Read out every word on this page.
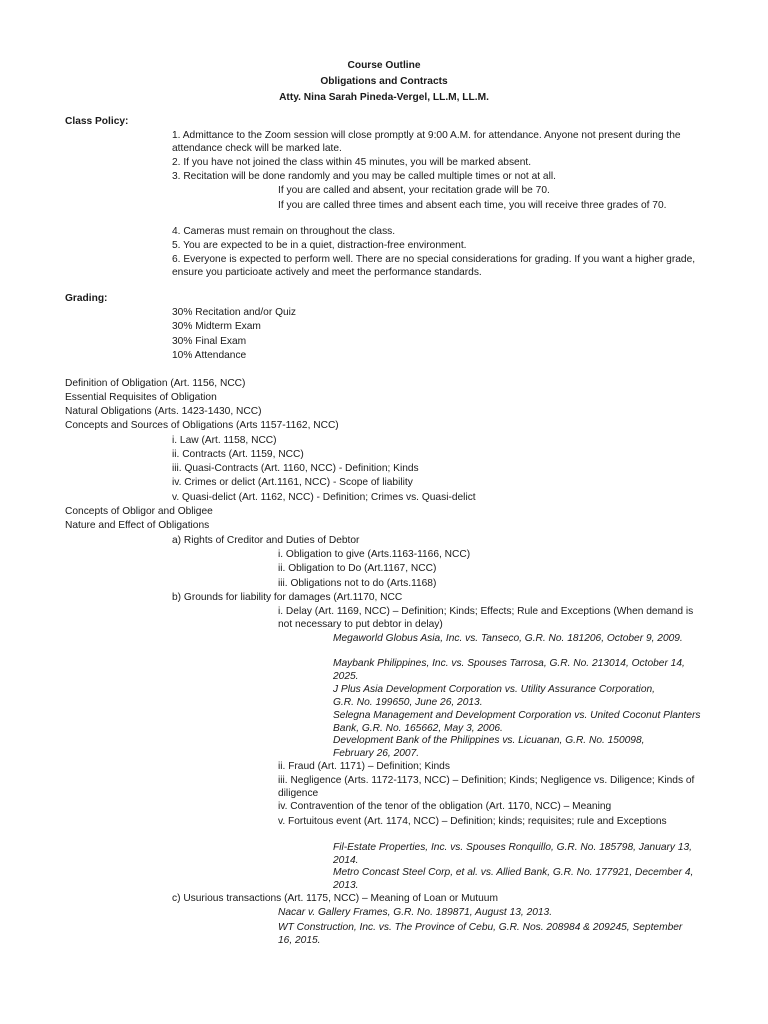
Course Outline
Obligations and Contracts
Atty. Nina Sarah Pineda-Vergel, LL.M, LL.M.
Class Policy:
1. Admittance to the Zoom session will close promptly at 9:00 A.M. for attendance. Anyone not present during the attendance check will be marked late.
2. If you have not joined the class within 45 minutes, you will be marked absent.
3. Recitation will be done randomly and you may be called multiple times or not at all.
If you are called and absent, your recitation grade will be 70.
If you are called three times and absent each time, you will receive three grades of 70.
4. Cameras must remain on throughout the class.
5. You are expected to be in a quiet, distraction-free environment.
6. Everyone is expected to perform well. There are no special considerations for grading. If you want a higher grade, ensure you particioate actively and meet the performance standards.
Grading:
30% Recitation and/or Quiz
30% Midterm Exam
30% Final Exam
10% Attendance
Definition of Obligation (Art. 1156, NCC)
Essential Requisites of Obligation
Natural Obligations (Arts. 1423-1430, NCC)
Concepts and Sources of Obligations (Arts 1157-1162, NCC)
i. Law (Art. 1158, NCC)
ii. Contracts (Art. 1159, NCC)
iii. Quasi-Contracts (Art. 1160, NCC) - Definition; Kinds
iv. Crimes or delict (Art.1161, NCC) - Scope of liability
v. Quasi-delict (Art. 1162, NCC) - Definition; Crimes vs. Quasi-delict
Concepts of Obligor and Obligee
Nature and Effect of Obligations
a) Rights of Creditor and Duties of Debtor
i. Obligation to give (Arts.1163-1166, NCC)
ii. Obligation to Do (Art.1167, NCC)
iii. Obligations not to do (Arts.1168)
b) Grounds for liability for damages (Art.1170, NCC
i. Delay (Art. 1169, NCC) – Definition; Kinds; Effects; Rule and Exceptions (When demand is not necessary to put debtor in delay)
Megaworld Globus Asia, Inc. vs. Tanseco, G.R. No. 181206, October 9, 2009.
Maybank Philippines, Inc. vs. Spouses Tarrosa, G.R. No. 213014, October 14, 2025.
J Plus Asia Development Corporation vs. Utility Assurance Corporation, G.R. No. 199650, June 26, 2013.
Selegna Management and Development Corporation vs. United Coconut Planters Bank, G.R. No. 165662, May 3, 2006.
Development Bank of the Philippines vs. Licuanan, G.R. No. 150098, February 26, 2007.
ii. Fraud (Art. 1171) – Definition; Kinds
iii. Negligence (Arts. 1172-1173, NCC) – Definition; Kinds; Negligence vs. Diligence; Kinds of diligence
iv. Contravention of the tenor of the obligation (Art. 1170, NCC) – Meaning
v. Fortuitous event (Art. 1174, NCC) – Definition; kinds; requisites; rule and Exceptions
Fil-Estate Properties, Inc. vs. Spouses Ronquillo, G.R. No. 185798, January 13, 2014.
Metro Concast Steel Corp, et al. vs. Allied Bank, G.R. No. 177921, December 4, 2013.
c) Usurious transactions (Art. 1175, NCC) – Meaning of Loan or Mutuum
Nacar v. Gallery Frames, G.R. No. 189871, August 13, 2013.
WT Construction, Inc. vs. The Province of Cebu, G.R. Nos. 208984 & 209245, September 16, 2015.
